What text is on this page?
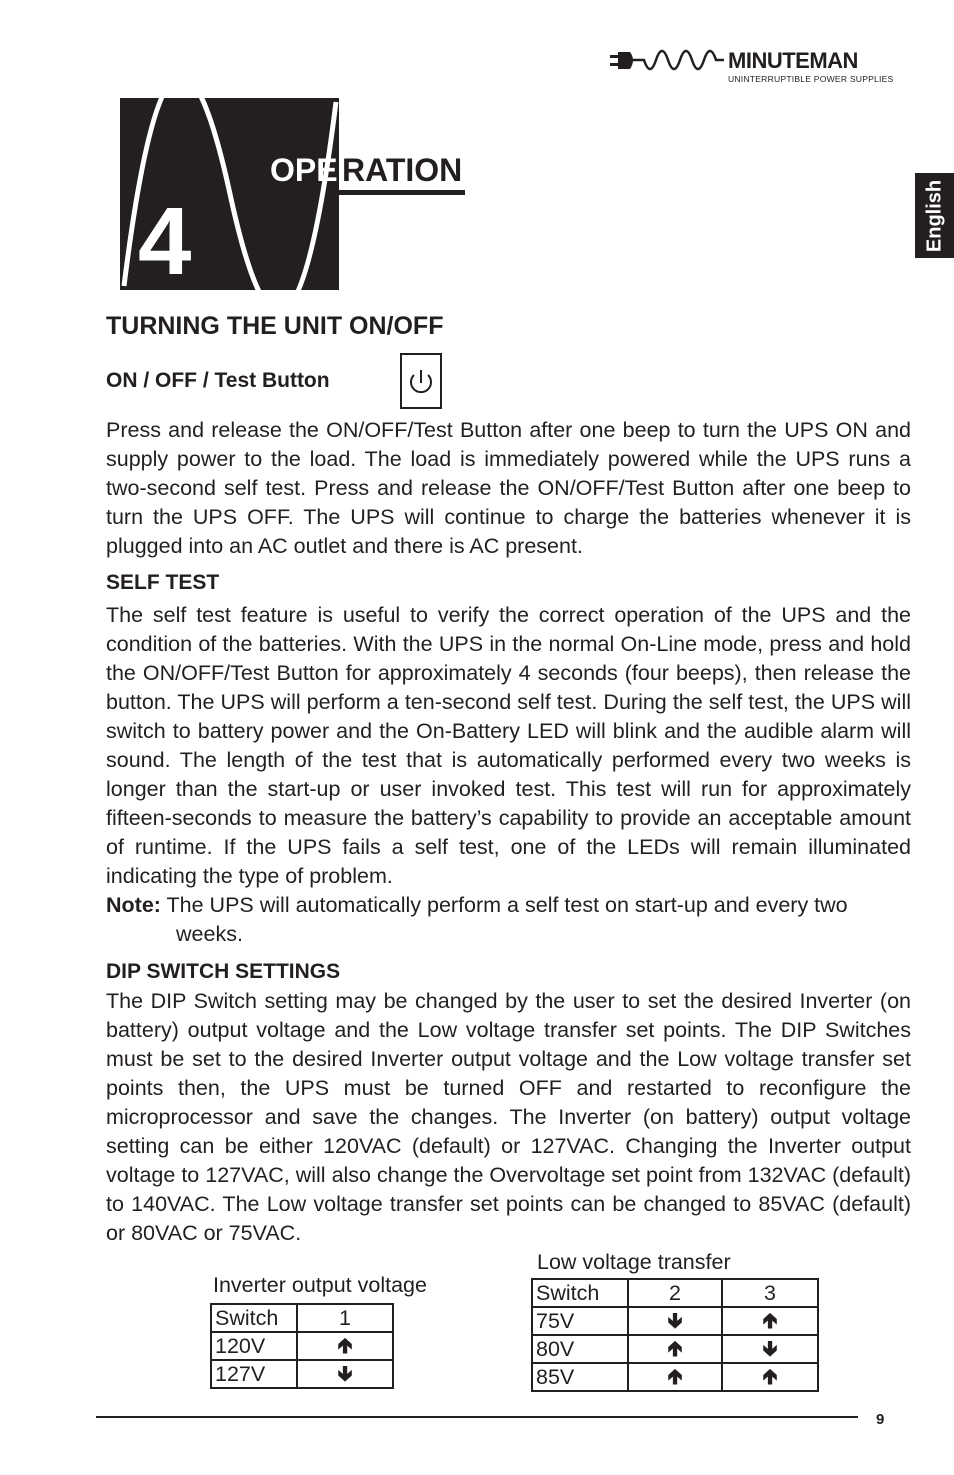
MINUTEMAN
UNINTERRUPTIBLE POWER SUPPLIES
English
4
OPE RATION
TURNING THE UNIT ON/OFF
ON / OFF / Test Button
Press and release the ON/OFF/Test Button after one beep to turn the UPS ON and supply power to the load. The load is immediately powered while the UPS runs a two-second self test. Press and release the ON/OFF/Test Button after one beep to turn the UPS OFF. The UPS will continue to charge the batteries whenever it is plugged into an AC outlet and there is AC present.
SELF TEST
The self test feature is useful to verify the correct operation of the UPS and the condition of the batteries. With the UPS in the normal On-Line mode, press and hold the ON/OFF/Test Button for approximately 4 seconds (four beeps), then release the button. The UPS will perform a ten-second self test. During the self test, the UPS will switch to battery power and the On-Battery LED will blink and the audible alarm will sound. The length of the test that is automatically performed every two weeks is longer than the start-up or user invoked test. This test will run for approximately fifteen-seconds to measure the battery’s capability to provide an acceptable amount of runtime. If the UPS fails a self test, one of the LEDs will remain illuminated indicating the type of problem.
Note: The UPS will automatically perform a self test on start-up and every two
weeks.
DIP SWITCH SETTINGS
The DIP Switch setting may be changed by the user to set the desired Inverter (on battery) output voltage and the Low voltage transfer set points. The DIP Switches must be set to the desired Inverter output voltage and the Low voltage transfer set points then, the UPS must be turned OFF and restarted to reconfigure the microprocessor and save the changes. The Inverter (on battery) output voltage setting can be either 120VAC (default) or 127VAC. Changing the Inverter output voltage to 127VAC, will also change the Overvoltage set point from 132VAC (default) to 140VAC. The Low voltage transfer set points can be changed to 85VAC (default) or 80VAC or 75VAC.
Inverter output voltage
Switch	1
120V	🢁
127V	🢃
Low voltage transfer
Switch	2	3
75V	🢃	🢁
80V	🢁	🢃
85V	🢁	🢁
9
